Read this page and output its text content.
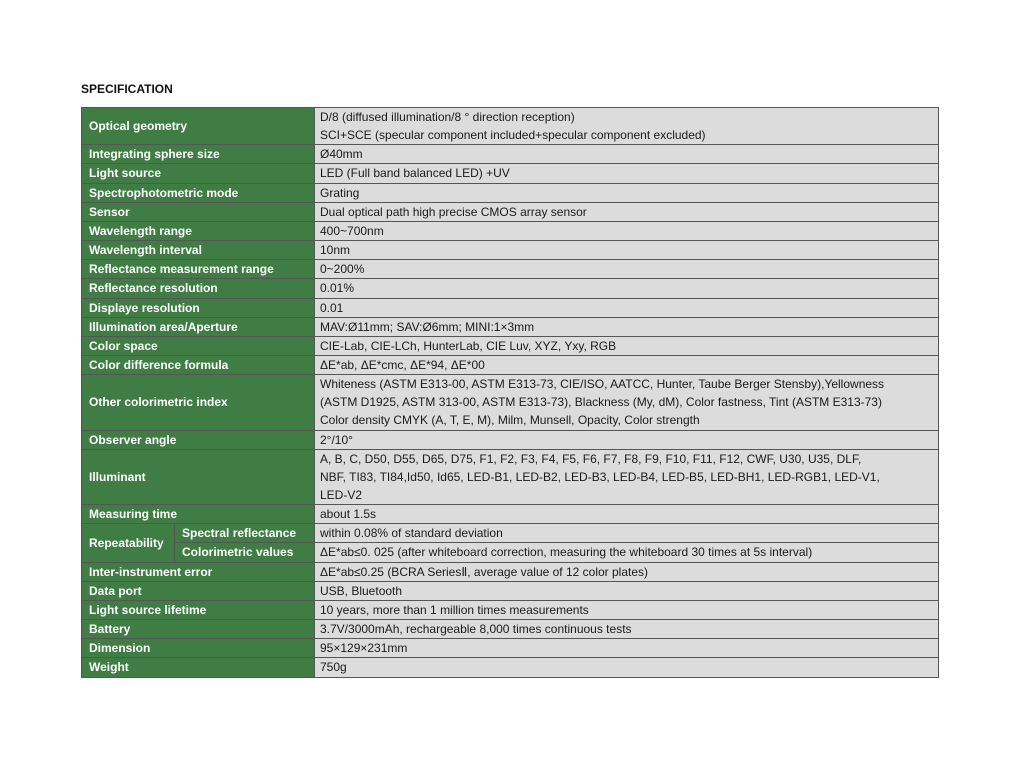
SPECIFICATION
Optical geometry		D/8 (diffused illumination/8 ° direction reception)
SCI+SCE (specular component included+specular component excluded)

Integrating sphere size		Ø40mm

Light source		LED (Full band balanced LED) +UV

Spectrophotometric mode		Grating

Sensor		Dual optical path high precise CMOS array sensor

Wavelength range		400~700nm

Wavelength interval		10nm

Reflectance measurement range		0~200%

Reflectance resolution		0.01%

Displaye resolution		0.01

Illumination area/Aperture		MAV:Ø11mm; SAV:Ø6mm; MINI:1×3mm

Color space		CIE-Lab, CIE-LCh, HunterLab, CIE Luv, XYZ, Yxy, RGB

Color difference formula		ΔE*ab, ΔE*cmc, ΔE*94, ΔE*00

Other colorimetric index		Whiteness (ASTM E313-00, ASTM E313-73, CIE/ISO, AATCC, Hunter, Taube Berger Stensby),Yellowness
(ASTM D1925, ASTM 313-00, ASTM E313-73), Blackness (My, dM), Color fastness, Tint (ASTM E313-73)
Color density CMYK (A, T, E, M), Milm, Munsell, Opacity, Color strength

Observer angle		2°/10°

Illuminant		A, B, C, D50, D55, D65, D75, F1, F2, F3, F4, F5, F6, F7, F8, F9, F10, F11, F12, CWF, U30, U35, DLF,
NBF, TI83, TI84,Id50, Id65, LED-B1, LED-B2, LED-B3, LED-B4, LED-B5, LED-BH1, LED-RGB1, LED-V1,
LED-V2

Measuring time		about 1.5s

Repeatability	Spectral reflectance	within 0.08% of standard deviation
	Colorimetric values	ΔE*ab≤0. 025 (after whiteboard correction, measuring the whiteboard 30 times at 5s interval)
Inter-instrument error		ΔE*ab≤0.25 (BCRA SeriesⅡ, average value of 12 color plates)

Data port		USB, Bluetooth

Light source lifetime		10 years, more than 1 million times measurements

Battery		3.7V/3000mAh, rechargeable 8,000 times continuous tests

Dimension		95×129×231mm

Weight		750g
